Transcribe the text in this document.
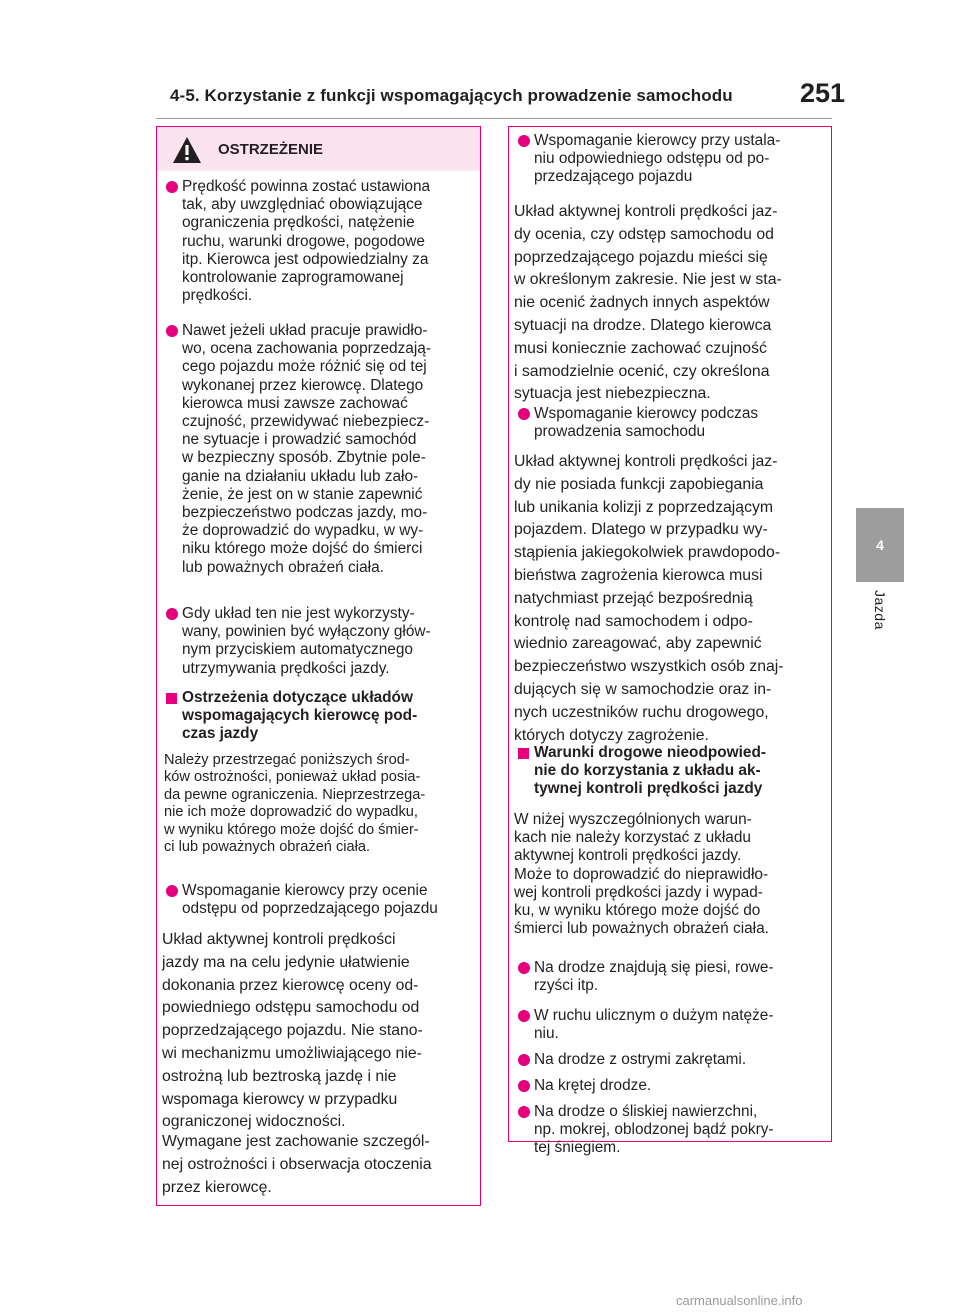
4-5. Korzystanie z funkcji wspomagających prowadzenie samochodu 251
4
Jazda
OSTRZEŻENIE
Prędkość powinna zostać ustawiona
tak, aby uwzględniać obowiązujące
ograniczenia prędkości, natężenie
ruchu, warunki drogowe, pogodowe
itp. Kierowca jest odpowiedzialny za
kontrolowanie zaprogramowanej
prędkości.
Nawet jeżeli układ pracuje prawidło-
wo, ocena zachowania poprzedzają-
cego pojazdu może różnić się od tej
wykonanej przez kierowcę. Dlatego
kierowca musi zawsze zachować
czujność, przewidywać niebezpiecz-
ne sytuacje i prowadzić samochód
w bezpieczny sposób. Zbytnie pole-
ganie na działaniu układu lub zało-
żenie, że jest on w stanie zapewnić
bezpieczeństwo podczas jazdy, mo-
że doprowadzić do wypadku, w wy-
niku którego może dojść do śmierci
lub poważnych obrażeń ciała.
Gdy układ ten nie jest wykorzysty-
wany, powinien być wyłączony głów-
nym przyciskiem automatycznego
utrzymywania prędkości jazdy.
Ostrzeżenia dotyczące układów
wspomagających kierowcę pod-
czas jazdy
Należy przestrzegać poniższych środ-
ków ostrożności, ponieważ układ posia-
da pewne ograniczenia. Nieprzestrzega-
nie ich może doprowadzić do wypadku,
w wyniku którego może dojść do śmier-
ci lub poważnych obrażeń ciała.
Wspomaganie kierowcy przy ocenie
odstępu od poprzedzającego pojazdu
Układ aktywnej kontroli prędkości
jazdy ma na celu jedynie ułatwienie
dokonania przez kierowcę oceny od-
powiedniego odstępu samochodu od
poprzedzającego pojazdu. Nie stano-
wi mechanizmu umożliwiającego nie-
ostrożną lub beztroską jazdę i nie
wspomaga kierowcy w przypadku
ograniczonej widoczności.
Wymagane jest zachowanie szczegól-
nej ostrożności i obserwacja otoczenia
przez kierowcę.
Wspomaganie kierowcy przy ustala-
niu odpowiedniego odstępu od po-
przedzającego pojazdu
Układ aktywnej kontroli prędkości jaz-
dy ocenia, czy odstęp samochodu od
poprzedzającego pojazdu mieści się
w określonym zakresie. Nie jest w sta-
nie ocenić żadnych innych aspektów
sytuacji na drodze. Dlatego kierowca
musi koniecznie zachować czujność
i samodzielnie ocenić, czy określona
sytuacja jest niebezpieczna.
Wspomaganie kierowcy podczas
prowadzenia samochodu
Układ aktywnej kontroli prędkości jaz-
dy nie posiada funkcji zapobiegania
lub unikania kolizji z poprzedzającym
pojazdem. Dlatego w przypadku wy-
stąpienia jakiegokolwiek prawdopodo-
bieństwa zagrożenia kierowca musi
natychmiast przejąć bezpośrednią
kontrolę nad samochodem i odpo-
wiednio zareagować, aby zapewnić
bezpieczeństwo wszystkich osób znaj-
dujących się w samochodzie oraz in-
nych uczestników ruchu drogowego,
których dotyczy zagrożenie.
Warunki drogowe nieodpowied-
nie do korzystania z układu ak-
tywnej kontroli prędkości jazdy
W niżej wyszczególnionych warun-
kach nie należy korzystać z układu
aktywnej kontroli prędkości jazdy.
Może to doprowadzić do nieprawidło-
wej kontroli prędkości jazdy i wypad-
ku, w wyniku którego może dojść do
śmierci lub poważnych obrażeń ciała.
Na drodze znajdują się piesi, rowe-
rzyści itp.
W ruchu ulicznym o dużym natęże-
niu.
Na drodze z ostrymi zakrętami.
Na krętej drodze.
Na drodze o śliskiej nawierzchni,
np. mokrej, oblodzonej bądź pokry-
tej śniegiem.
carmanualsonline.info
